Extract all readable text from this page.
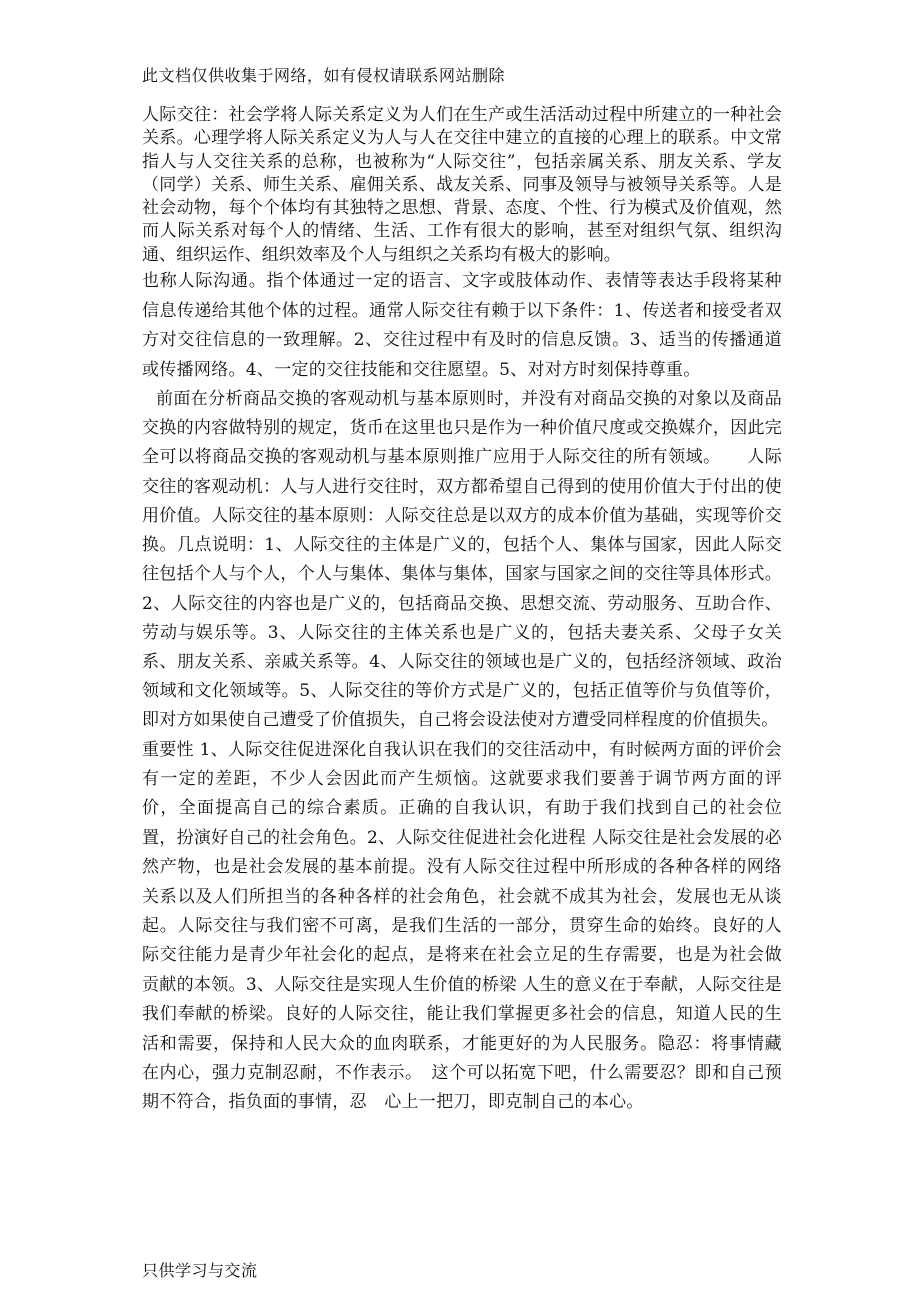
此文档仅供收集于网络，如有侵权请联系网站删除

人际交往：社会学将人际关系定义为人们在生产或生活活动过程中所建立的一种社会关系。心理学将人际关系定义为人与人在交往中建立的直接的心理上的联系。中文常指人与人交往关系的总称，也被称为“人际交往”，包括亲属关系、朋友关系、学友（同学）关系、师生关系、雇佣关系、战友关系、同事及领导与被领导关系等。人是社会动物，每个个体均有其独特之思想、背景、态度、个性、行为模式及价值观，然而人际关系对每个人的情绪、生活、工作有很大的影响，甚至对组织气氛、组织沟通、组织运作、组织效率及个人与组织之关系均有极大的影响。

也称人际沟通。指个体通过一定的语言、文字或肢体动作、表情等表达手段将某种信息传递给其他个体的过程。通常人际交往有赖于以下条件：1、传送者和接受者双方对交往信息的一致理解。2、交往过程中有及时的信息反馈。3、适当的传播通道或传播网络。4、一定的交往技能和交往愿望。5、对对方时刻保持尊重。

前面在分析商品交换的客观动机与基本原则时，并没有对商品交换的对象以及商品交换的内容做特别的规定，货币在这里也只是作为一种价值尺度或交换媒介，因此完全可以将商品交换的客观动机与基本原则推广应用于人际交往的所有领域。　　人际交往的客观动机：人与人进行交往时，双方都希望自己得到的使用价值大于付出的使用价值。人际交往的基本原则：人际交往总是以双方的成本价值为基础，实现等价交换。几点说明：1、人际交往的主体是广义的，包括个人、集体与国家，因此人际交往包括个人与个人，个人与集体、集体与集体，国家与国家之间的交往等具体形式。2、人际交往的内容也是广义的，包括商品交换、思想交流、劳动服务、互助合作、劳动与娱乐等。3、人际交往的主体关系也是广义的，包括夫妻关系、父母子女关系、朋友关系、亲戚关系等。4、人际交往的领域也是广义的，包括经济领域、政治领域和文化领域等。5、人际交往的等价方式是广义的，包括正值等价与负值等价，即对方如果使自己遭受了价值损失，自己将会设法使对方遭受同样程度的价值损失。

重要性 1、人际交往促进深化自我认识在我们的交往活动中，有时候两方面的评价会有一定的差距，不少人会因此而产生烦恼。这就要求我们要善于调节两方面的评价，全面提高自己的综合素质。正确的自我认识，有助于我们找到自己的社会位置，扮演好自己的社会角色。2、人际交往促进社会化进程 人际交往是社会发展的必然产物，也是社会发展的基本前提。没有人际交往过程中所形成的各种各样的网络关系以及人们所担当的各种各样的社会角色，社会就不成其为社会，发展也无从谈起。人际交往与我们密不可离，是我们生活的一部分，贯穿生命的始终。良好的人际交往能力是青少年社会化的起点，是将来在社会立足的生存需要，也是为社会做贡献的本领。3、人际交往是实现人生价值的桥梁 人生的意义在于奉献，人际交往是我们奉献的桥梁。良好的人际交往，能让我们掌握更多社会的信息，知道人民的生活和需要，保持和人民大众的血肉联系，才能更好的为人民服务。隐忍：将事情藏在内心，强力克制忍耐，不作表示。　这个可以拓宽下吧，什么需要忍？即和自己预期不符合，指负面的事情，忍　心上一把刀，即克制自己的本心。

只供学习与交流
